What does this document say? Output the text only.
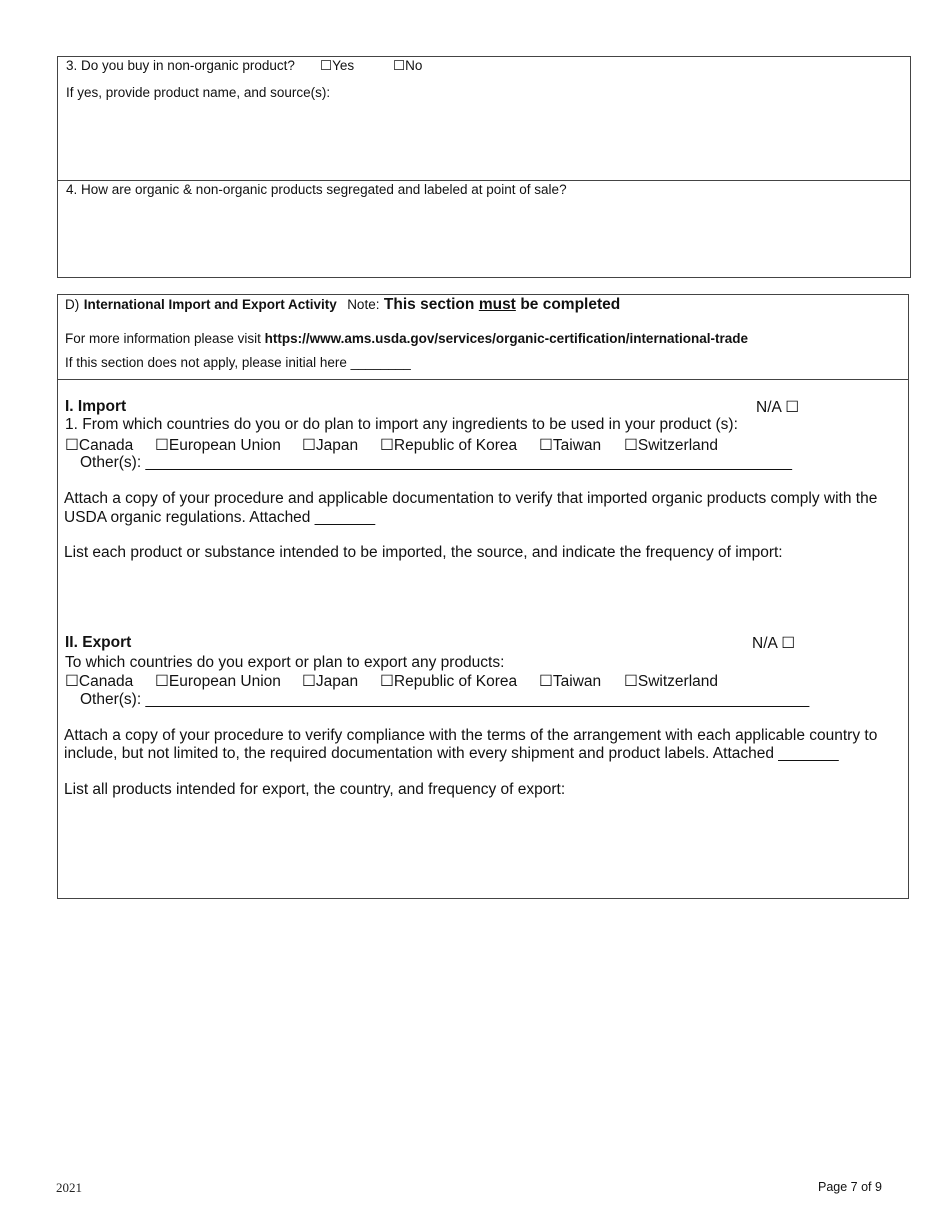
3. Do you buy in non-organic product? ☐Yes	☐No
If yes, provide product name, and source(s):
4. How are organic & non-organic products segregated and labeled at point of sale?
D) International Import and Export Activity Note: This section must be completed
For more information please visit https://www.ams.usda.gov/services/organic-certification/international-trade
If this section does not apply, please initial here ________
I. Import	N/A ☐
1. From which countries do you or do plan to import any ingredients to be used in your product (s):
☐Canada ☐European Union ☐Japan ☐Republic of Korea ☐Taiwan ☐Switzerland
Other(s): ___________________________________________________________________________
Attach a copy of your procedure and applicable documentation to verify that imported organic products comply with the
USDA organic regulations. Attached _______
List each product or substance intended to be imported, the source, and indicate the frequency of import:
II. Export	N/A ☐
To which countries do you export or plan to export any products:
☐Canada ☐European Union ☐Japan ☐Republic of Korea ☐Taiwan ☐Switzerland
Other(s): _____________________________________________________________________________
Attach a copy of your procedure to verify compliance with the terms of the arrangement with each applicable country to
include, but not limited to, the required documentation with every shipment and product labels. Attached _______
List all products intended for export, the country, and frequency of export:
2021	Page 7 of 9
